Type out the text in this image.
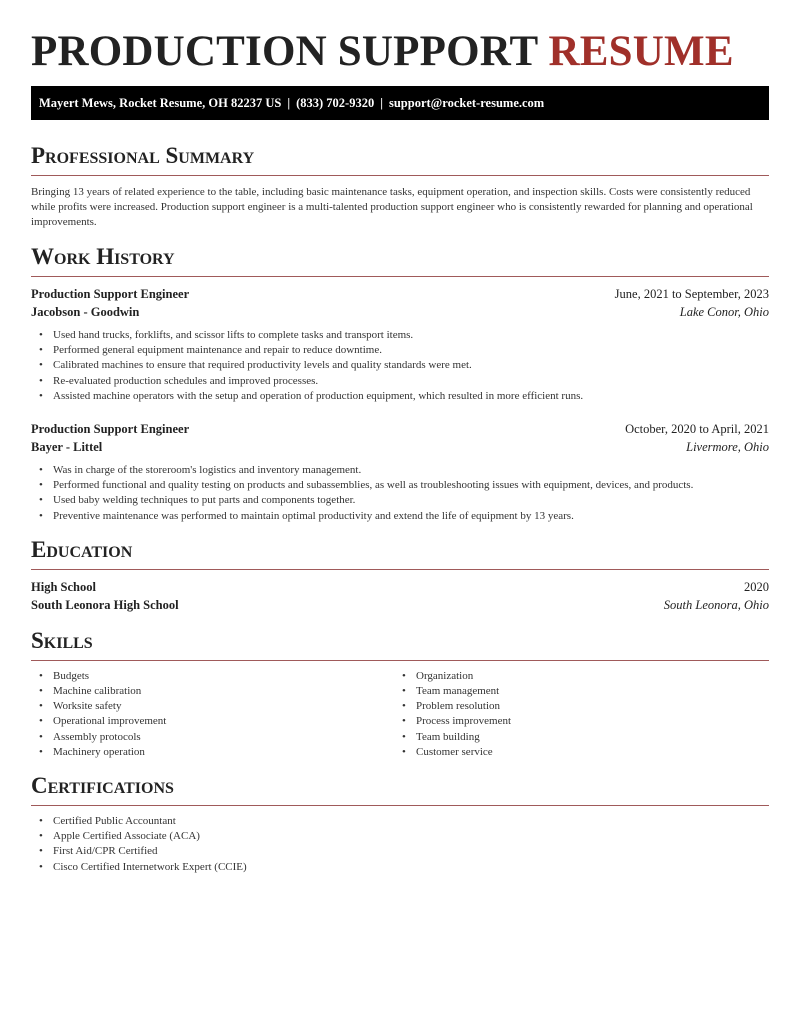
PRODUCTION SUPPORT RESUME
Mayert Mews, Rocket Resume, OH 82237 US | (833) 702-9320 | support@rocket-resume.com
Professional Summary

Bringing 13 years of related experience to the table, including basic maintenance tasks, equipment operation, and inspection skills. Costs were consistently reduced while profits were increased. Production support engineer is a multi-talented production support engineer who is consistently rewarded for planning and operational improvements.

Work History
Production Support Engineer	June, 2021 to September, 2023
Jacobson - Goodwin	Lake Conor, Ohio
• Used hand trucks, forklifts, and scissor lifts to complete tasks and transport items.
• Performed general equipment maintenance and repair to reduce downtime.
• Calibrated machines to ensure that required productivity levels and quality standards were met.
• Re-evaluated production schedules and improved processes.
• Assisted machine operators with the setup and operation of production equipment, which resulted in more efficient runs.
Production Support Engineer	October, 2020 to April, 2021
Bayer - Littel	Livermore, Ohio
• Was in charge of the storeroom's logistics and inventory management.
• Performed functional and quality testing on products and subassemblies, as well as troubleshooting issues with equipment, devices, and products.
• Used baby welding techniques to put parts and components together.
• Preventive maintenance was performed to maintain optimal productivity and extend the life of equipment by 13 years.
Education
High School	2020
South Leonora High School	South Leonora, Ohio
Skills
• Budgets
• Machine calibration
• Worksite safety
• Operational improvement
• Assembly protocols
• Machinery operation
• Organization
• Team management
• Problem resolution
• Process improvement
• Team building
• Customer service
Certifications
• Certified Public Accountant
• Apple Certified Associate (ACA)
• First Aid/CPR Certified
• Cisco Certified Internetwork Expert (CCIE)
